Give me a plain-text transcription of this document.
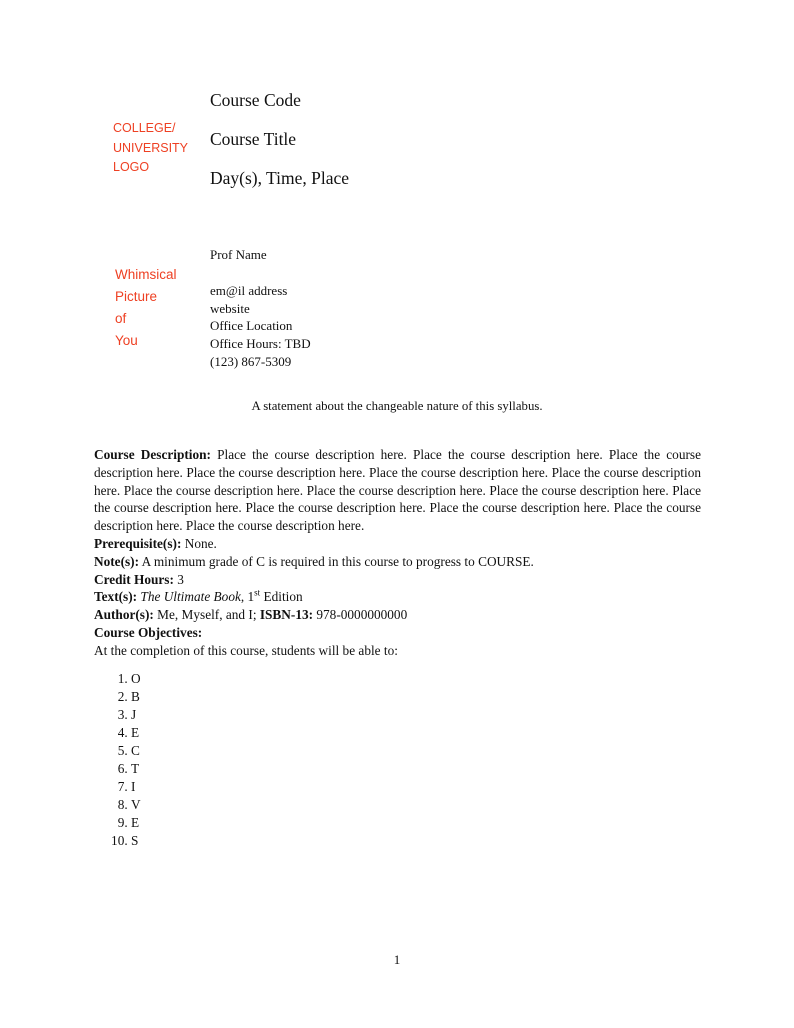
COLLEGE/
UNIVERSITY
LOGO
Course Code
Course Title
Day(s), Time, Place
Whimsical
Picture
of
You
Prof Name
em@il address
website
Office Location
Office Hours: TBD
(123) 867-5309
A statement about the changeable nature of this syllabus.

Course Description: Place the course description here. Place the course description here. Place the course description here. Place the course description here. Place the course description here. Place the course description here. Place the course description here. Place the course description here. Place the course description here. Place the course description here. Place the course description here. Place the course description here. Place the course description here. Place the course description here.

Prerequisite(s): None.

Note(s): A minimum grade of C is required in this course to progress to COURSE.

Credit Hours: 3

Text(s): The Ultimate Book, 1st Edition

Author(s): Me, Myself, and I; ISBN-13: 978-0000000000

Course Objectives:

At the completion of this course, students will be able to:

1. O
2. B
3. J
4. E
5. C
6. T
7. I
8. V
9. E
10. S
1
